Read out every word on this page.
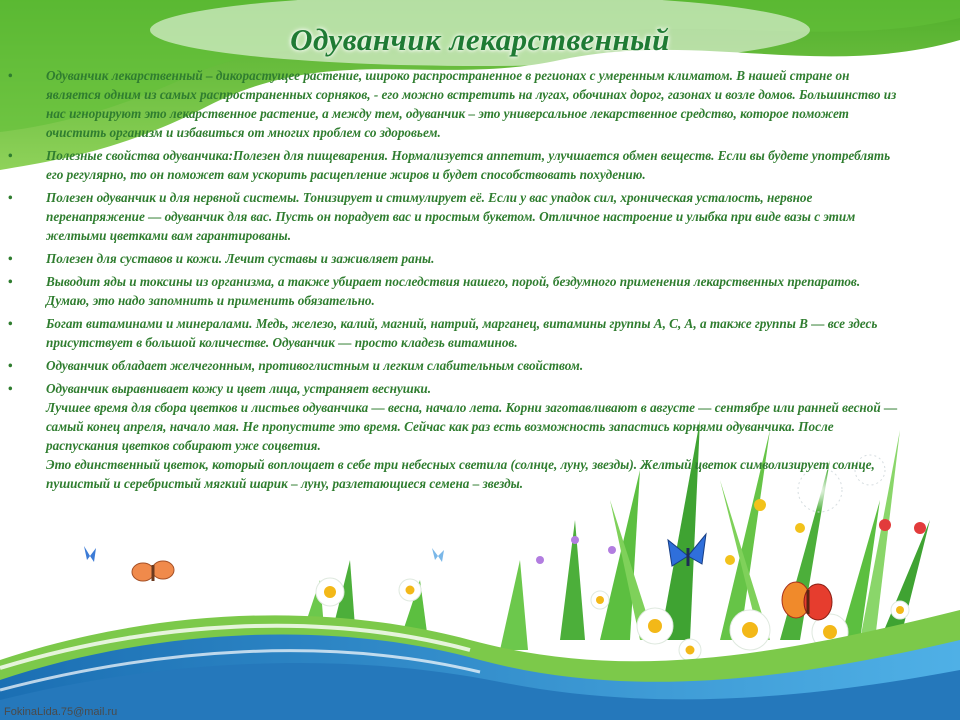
Одуванчик лекарственный
•	Одуванчик лекарственный – дикорастущее растение, широко распространенное в регионах с умеренным климатом. В нашей стране он является одним из самых распространенных сорняков, - его можно встретить на лугах, обочинах дорог, газонах и возле домов. Большинство из нас игнорируют это лекарственное растение, а между тем, одуванчик – это универсальное лекарственное средство, которое поможет очистить организм и избавиться от многих проблем со здоровьем.
•	Полезные свойства одуванчика:Полезен для пищеварения. Нормализуется аппетит, улучшается обмен веществ. Если вы будете употреблять его регулярно, то он поможет вам ускорить расщепление жиров и будет способствовать похудению.
•	Полезен одуванчик и для нервной системы. Тонизирует и стимулирует её. Если у вас упадок сил, хроническая усталость, нервное перенапряжение — одуванчик для вас. Пусть он порадует вас и простым букетом. Отличное настроение и улыбка при виде вазы с этим желтыми цветками вам гарантированы.
•	Полезен для суставов и кожи. Лечит суставы и заживляет раны.
•	Выводит яды и токсины из организма, а также убирает последствия нашего, порой, бездумного применения лекарственных препаратов. Думаю, это надо запомнить и применить обязательно.
•	Богат витаминами и минералами. Медь, железо, калий, магний, натрий, марганец, витамины группы А, С, А, а также группы В — все здесь присутствует в большой количестве. Одуванчик — просто кладезь витаминов.
•	Одуванчик обладает желчегонным, противоглистным и легким слабительным свойством.
•	Одуванчик выравнивает кожу и цвет лица, устраняет веснушки.
Лучшее время для сбора цветков и листьев одуванчика — весна, начало лета. Корни заготавливают в августе — сентябре или ранней весной — самый конец апреля, начало мая. Не пропустите это время. Сейчас как раз есть возможность запастись корнями одуванчика. После распускания цветков собирают уже соцветия.
Это единственный цветок, который воплощает в себе три небесных светила (солнце, луну, звезды). Желтый цветок символизирует солнце, пушистый и серебристый мягкий шарик – луну, разлетающиеся семена – звезды.
FokinaLida.75@mail.ru
